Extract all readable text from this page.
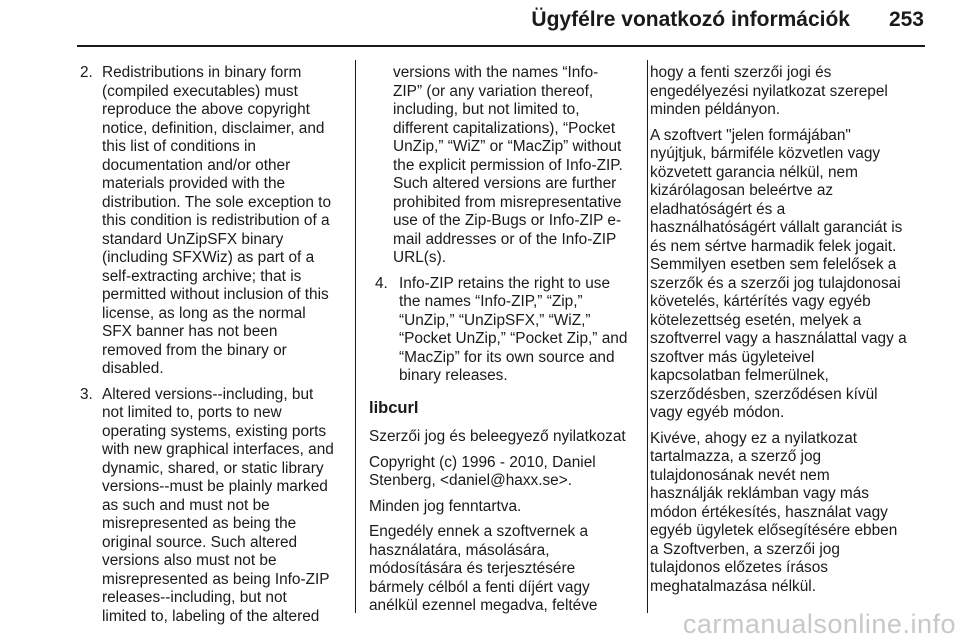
Ügyfélre vonatkozó információk 253
2. Redistributions in binary form
(compiled executables) must
reproduce the above copyright
notice, definition, disclaimer, and
this list of conditions in
documentation and/or other
materials provided with the
distribution. The sole exception to
this condition is redistribution of a
standard UnZipSFX binary
(including SFXWiz) as part of a
self-extracting archive; that is
permitted without inclusion of this
license, as long as the normal
SFX banner has not been
removed from the binary or
disabled.
3. Altered versions--including, but
not limited to, ports to new
operating systems, existing ports
with new graphical interfaces, and
dynamic, shared, or static library
versions--must be plainly marked
as such and must not be
misrepresented as being the
original source. Such altered
versions also must not be
misrepresented as being Info-ZIP
releases--including, but not
limited to, labeling of the altered
versions with the names “Info-
ZIP” (or any variation thereof,
including, but not limited to,
different capitalizations), “Pocket
UnZip,” “WiZ” or “MacZip” without
the explicit permission of Info-ZIP.
Such altered versions are further
prohibited from misrepresentative
use of the Zip-Bugs or Info-ZIP e-
mail addresses or of the Info-ZIP
URL(s).
4. Info-ZIP retains the right to use
the names “Info-ZIP,” “Zip,”
“UnZip,” “UnZipSFX,” “WiZ,”
“Pocket UnZip,” “Pocket Zip,” and
“MacZip” for its own source and
binary releases.
libcurl
Szerzői jog és beleegyező nyilatkozat
Copyright (c) 1996 - 2010, Daniel
Stenberg, <daniel@haxx.se>.
Minden jog fenntartva.
Engedély ennek a szoftvernek a
használatára, másolására,
módosítására és terjesztésére
bármely célból a fenti díjért vagy
anélkül ezennel megadva, feltéve
hogy a fenti szerzői jogi és
engedélyezési nyilatkozat szerepel
minden példányon.
A szoftvert "jelen formájában"
nyújtjuk, bármiféle közvetlen vagy
közvetett garancia nélkül, nem
kizárólagosan beleértve az
eladhatóságért és a
használhatóságért vállalt garanciát is
és nem sértve harmadik felek jogait.
Semmilyen esetben sem felelősek a
szerzők és a szerzői jog tulajdonosai
követelés, kártérítés vagy egyéb
kötelezettség esetén, melyek a
szoftverrel vagy a használattal vagy a
szoftver más ügyleteivel
kapcsolatban felmerülnek,
szerződésben, szerződésen kívül
vagy egyéb módon.
Kivéve, ahogy ez a nyilatkozat
tartalmazza, a szerző jog
tulajdonosának nevét nem
használják reklámban vagy más
módon értékesítés, használat vagy
egyéb ügyletek elősegítésére ebben
a Szoftverben, a szerzői jog
tulajdonos előzetes írásos
meghatalmazása nélkül.
carmanualsonline.info
